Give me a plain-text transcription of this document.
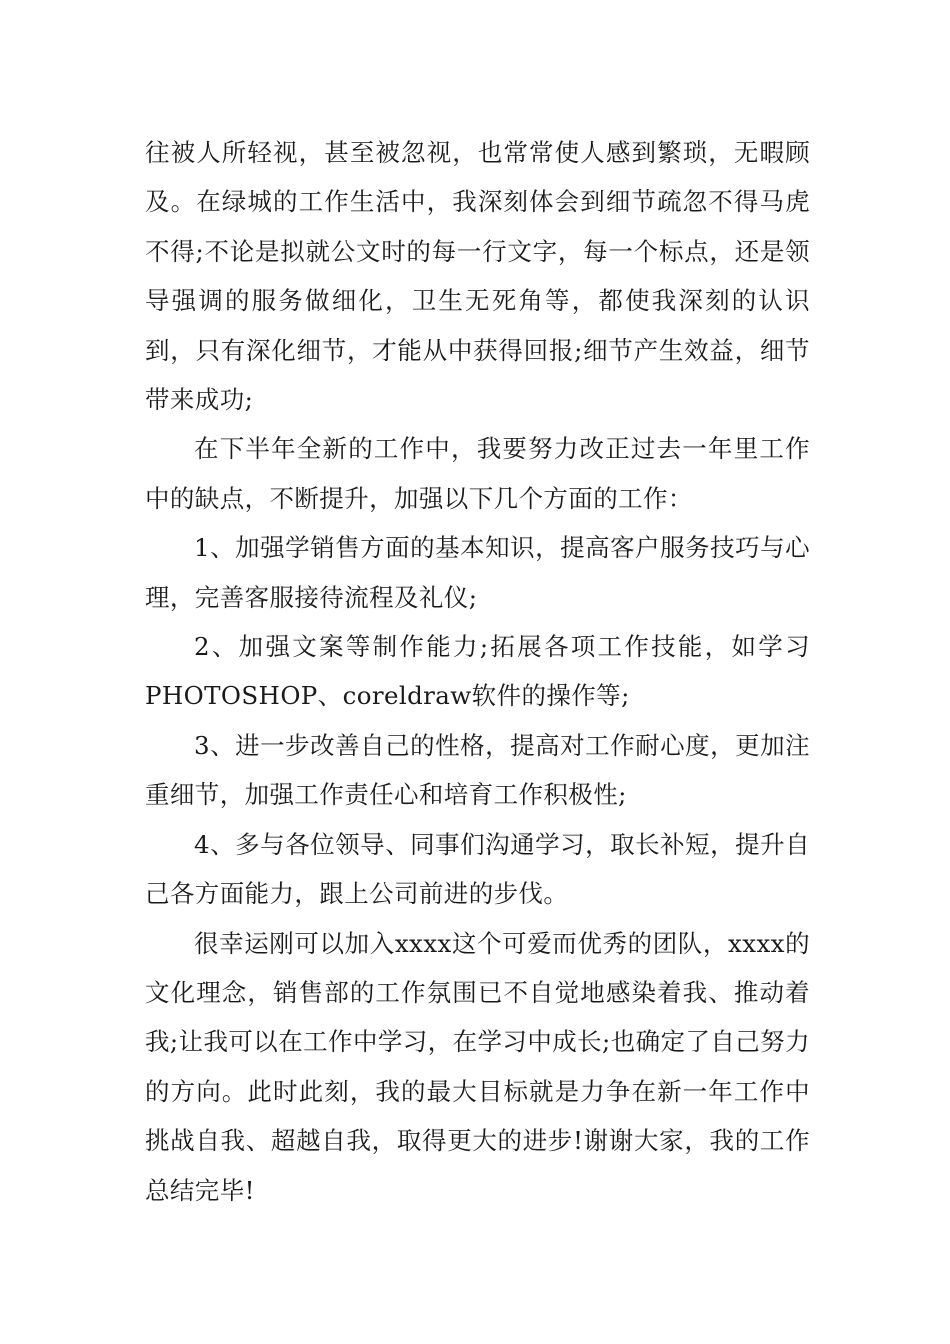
往被人所轻视，甚至被忽视，也常常使人感到繁琐，无暇顾及。在绿城的工作生活中，我深刻体会到细节疏忽不得马虎不得;不论是拟就公文时的每一行文字，每一个标点，还是领导强调的服务做细化，卫生无死角等，都使我深刻的认识到，只有深化细节，才能从中获得回报;细节产生效益，细节带来成功;

在下半年全新的工作中，我要努力改正过去一年里工作中的缺点，不断提升，加强以下几个方面的工作：

1、加强学销售方面的基本知识，提高客户服务技巧与心理，完善客服接待流程及礼仪;

2、加强文案等制作能力;拓展各项工作技能，如学习PHOTOSHOP、coreldraw软件的操作等;

3、进一步改善自己的性格，提高对工作耐心度，更加注重细节，加强工作责任心和培育工作积极性;

4、多与各位领导、同事们沟通学习，取长补短，提升自己各方面能力，跟上公司前进的步伐。

很幸运刚可以加入xxxx这个可爱而优秀的团队，xxxx的文化理念，销售部的工作氛围已不自觉地感染着我、推动着我;让我可以在工作中学习，在学习中成长;也确定了自己努力的方向。此时此刻，我的最大目标就是力争在新一年工作中挑战自我、超越自我，取得更大的进步!谢谢大家，我的工作总结完毕!
